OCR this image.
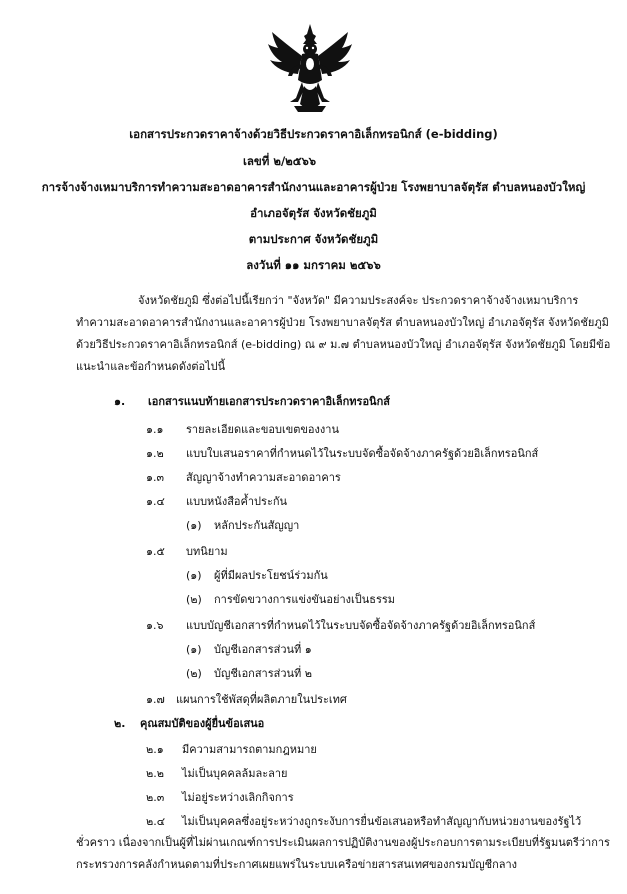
เอกสารประกวดราคาจ้างด้วยวิธีประกวดราคาอิเล็กทรอนิกส์ (e-bidding)
เลขที่ ๒/๒๕๖๖
การจ้างจ้างเหมาบริการทำความสะอาดอาคารสำนักงานและอาคารผู้ป่วย โรงพยาบาลจัตุรัส ตำบลหนองบัวใหญ่
อำเภอจัตุรัส จังหวัดชัยภูมิ
ตามประกาศ จังหวัดชัยภูมิ
ลงวันที่ ๑๑ มกราคม ๒๕๖๖
จังหวัดชัยภูมิ ซึ่งต่อไปนี้เรียกว่า "จังหวัด" มีความประสงค์จะ ประกวดราคาจ้างจ้างเหมาบริการ
ทำความสะอาดอาคารสำนักงานและอาคารผู้ป่วย โรงพยาบาลจัตุรัส ตำบลหนองบัวใหญ่ อำเภอจัตุรัส จังหวัดชัยภูมิ
ด้วยวิธีประกวดราคาอิเล็กทรอนิกส์ (e-bidding) ณ ๙ ม.๗ ตำบลหนองบัวใหญ่ อำเภอจัตุรัส จังหวัดชัยภูมิ โดยมีข้อ
แนะนำและข้อกำหนดดังต่อไปนี้
๑. เอกสารแนบท้ายเอกสารประกวดราคาอิเล็กทรอนิกส์
๑.๑ รายละเอียดและขอบเขตของงาน
๑.๒ แบบใบเสนอราคาที่กำหนดไว้ในระบบจัดซื้อจัดจ้างภาครัฐด้วยอิเล็กทรอนิกส์
๑.๓ สัญญาจ้างทำความสะอาดอาคาร
๑.๔ แบบหนังสือค้ำประกัน
(๑) หลักประกันสัญญา
๑.๕ บทนิยาม
(๑) ผู้ที่มีผลประโยชน์ร่วมกัน
(๒) การขัดขวางการแข่งขันอย่างเป็นธรรม
๑.๖ แบบบัญชีเอกสารที่กำหนดไว้ในระบบจัดซื้อจัดจ้างภาครัฐด้วยอิเล็กทรอนิกส์
(๑) บัญชีเอกสารส่วนที่ ๑
(๒) บัญชีเอกสารส่วนที่ ๒
๑.๗ แผนการใช้พัสดุที่ผลิตภายในประเทศ
๒. คุณสมบัติของผู้ยื่นข้อเสนอ
๒.๑ มีความสามารถตามกฎหมาย
๒.๒ ไม่เป็นบุคคลล้มละลาย
๒.๓ ไม่อยู่ระหว่างเลิกกิจการ
๒.๔ ไม่เป็นบุคคลซึ่งอยู่ระหว่างถูกระงับการยื่นข้อเสนอหรือทำสัญญากับหน่วยงานของรัฐไว้
ชั่วคราว เนื่องจากเป็นผู้ที่ไม่ผ่านเกณฑ์การประเมินผลการปฏิบัติงานของผู้ประกอบการตามระเบียบที่รัฐมนตรีว่าการ
กระทรวงการคลังกำหนดตามที่ประกาศเผยแพร่ในระบบเครือข่ายสารสนเทศของกรมบัญชีกลาง
